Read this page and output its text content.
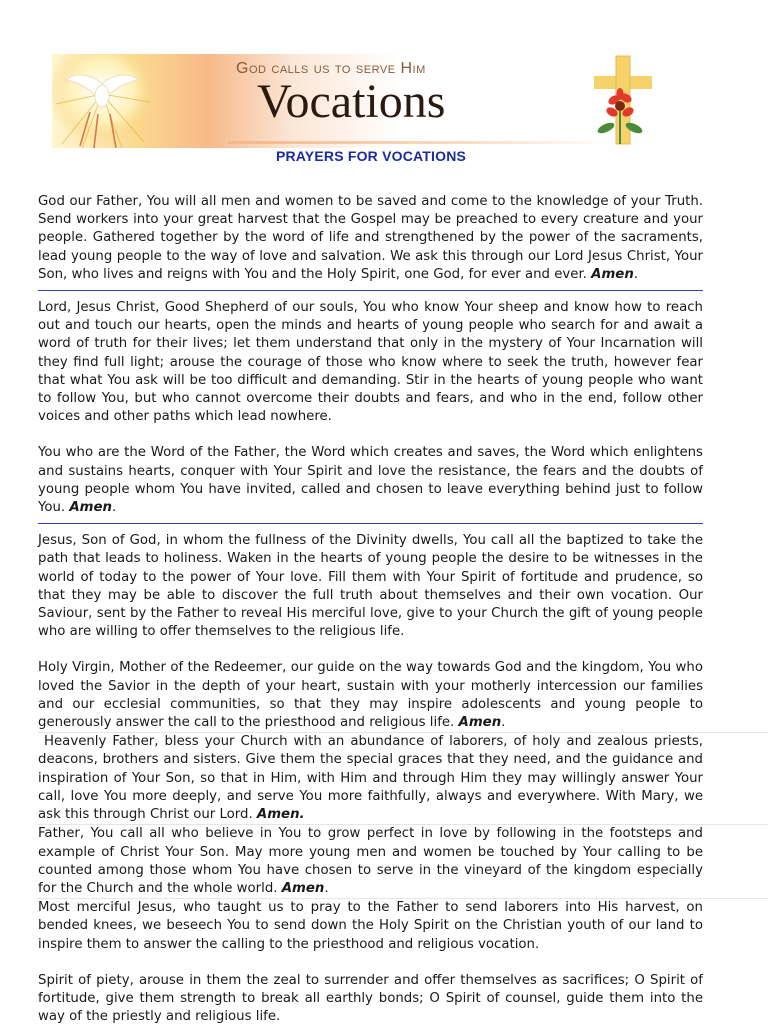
God calls us to serve Him
Vocations
PRAYERS FOR VOCATIONS

God our Father, You will all men and women to be saved and come to the knowledge of your Truth. Send workers into your great harvest that the Gospel may be preached to every creature and your people. Gathered together by the word of life and strengthened by the power of the sacraments, lead young people to the way of love and salvation. We ask this through our Lord Jesus Christ, Your Son, who lives and reigns with You and the Holy Spirit, one God, for ever and ever. Amen.

Lord, Jesus Christ, Good Shepherd of our souls, You who know Your sheep and know how to reach out and touch our hearts, open the minds and hearts of young people who search for and await a word of truth for their lives; let them understand that only in the mystery of Your Incarnation will they find full light; arouse the courage of those who know where to seek the truth, however fear that what You ask will be too difficult and demanding. Stir in the hearts of young people who want to follow You, but who cannot overcome their doubts and fears, and who in the end, follow other voices and other paths which lead nowhere.

You who are the Word of the Father, the Word which creates and saves, the Word which enlightens and sustains hearts, conquer with Your Spirit and love the resistance, the fears and the doubts of young people whom You have invited, called and chosen to leave everything behind just to follow You. Amen.

Jesus, Son of God, in whom the fullness of the Divinity dwells, You call all the baptized to take the path that leads to holiness. Waken in the hearts of young people the desire to be witnesses in the world of today to the power of Your love. Fill them with Your Spirit of fortitude and prudence, so that they may be able to discover the full truth about themselves and their own vocation. Our Saviour, sent by the Father to reveal His merciful love, give to your Church the gift of young people who are willing to offer themselves to the religious life.

Holy Virgin, Mother of the Redeemer, our guide on the way towards God and the kingdom, You who loved the Savior in the depth of your heart, sustain with your motherly intercession our families and our ecclesial communities, so that they may inspire adolescents and young people to generously answer the call to the priesthood and religious life. Amen.

Heavenly Father, bless your Church with an abundance of laborers, of holy and zealous priests, deacons, brothers and sisters. Give them the special graces that they need, and the guidance and inspiration of Your Son, so that in Him, with Him and through Him they may willingly answer Your call, love You more deeply, and serve You more faithfully, always and everywhere. With Mary, we ask this through Christ our Lord. Amen.

Father, You call all who believe in You to grow perfect in love by following in the footsteps and example of Christ Your Son. May more young men and women be touched by Your calling to be counted among those whom You have chosen to serve in the vineyard of the kingdom especially for the Church and the whole world. Amen.

Most merciful Jesus, who taught us to pray to the Father to send laborers into His harvest, on bended knees, we beseech You to send down the Holy Spirit on the Christian youth of our land to inspire them to answer the calling to the priesthood and religious vocation.

Spirit of piety, arouse in them the zeal to surrender and offer themselves as sacrifices; O Spirit of fortitude, give them strength to break all earthly bonds; O Spirit of counsel, guide them into the way of the priestly and religious life.
